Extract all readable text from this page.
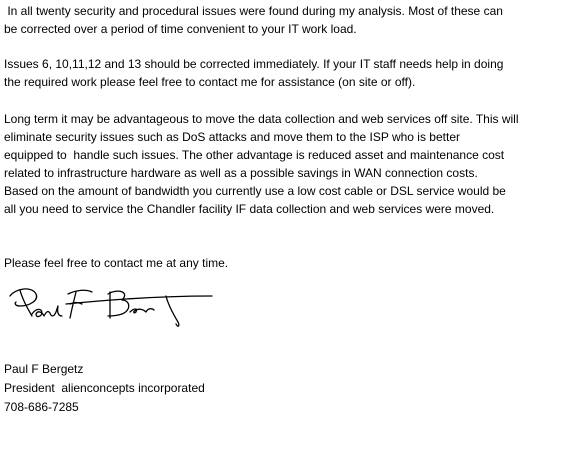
In all twenty security and procedural issues were found during my analysis. Most of these can
be corrected over a period of time convenient to your IT work load.
Issues 6, 10,11,12 and 13 should be corrected immediately. If your IT staff needs help in doing
the required work please feel free to contact me for assistance (on site or off).
Long term it may be advantageous to move the data collection and web services off site. This will
eliminate security issues such as DoS attacks and move them to the ISP who is better
equipped to  handle such issues. The other advantage is reduced asset and maintenance cost
related to infrastructure hardware as well as a possible savings in WAN connection costs.
Based on the amount of bandwidth you currently use a low cost cable or DSL service would be
all you need to service the Chandler facility IF data collection and web services were moved.
Please feel free to contact me at any time.
Paul F Bergetz
President  alienconcepts incorporated
708-686-7285
